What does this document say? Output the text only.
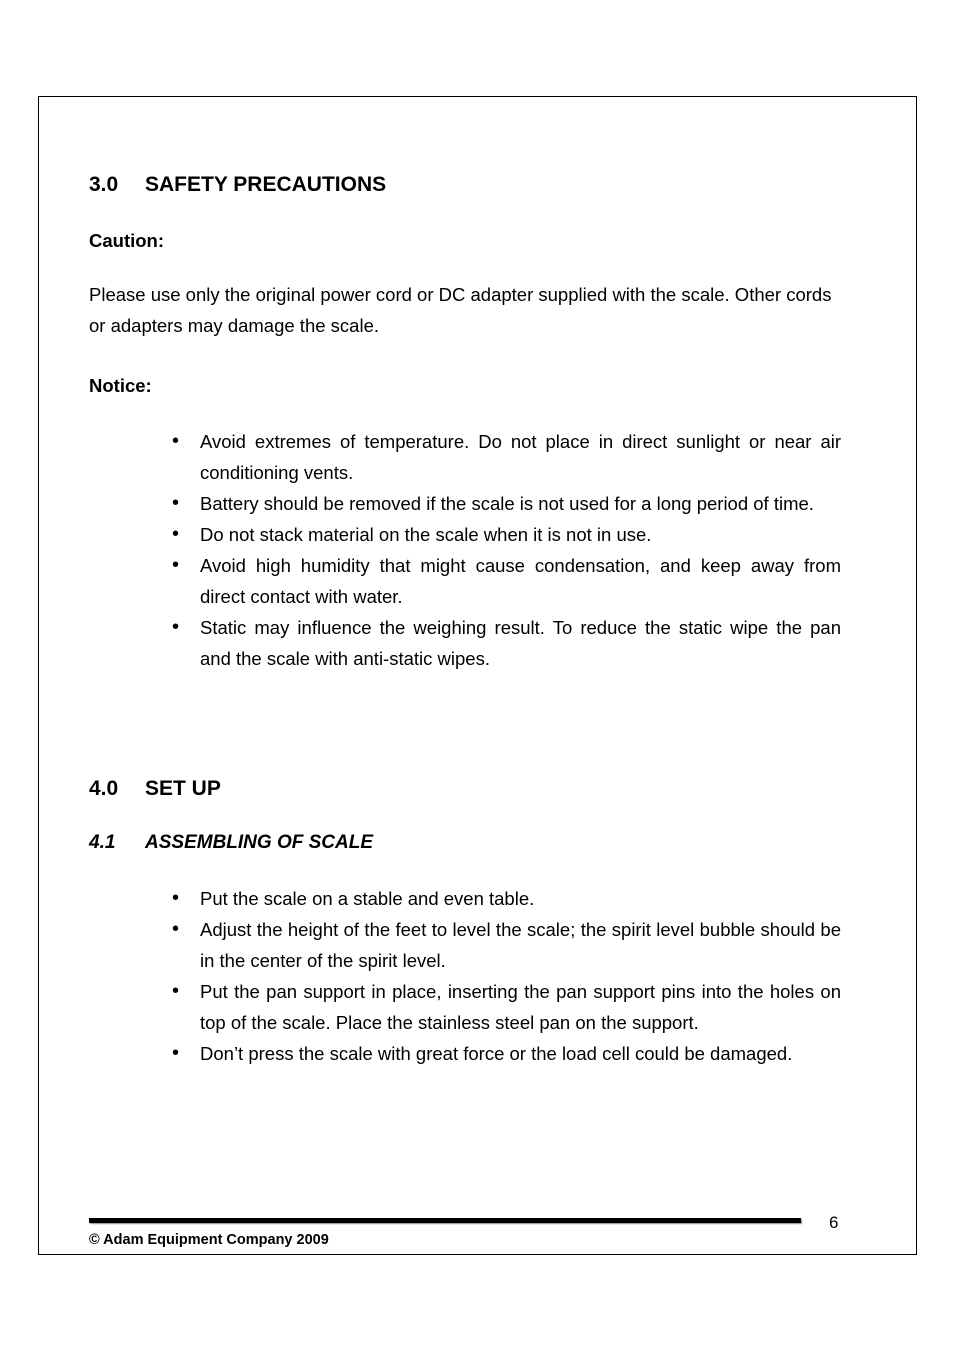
3.0 SAFETY PRECAUTIONS

Caution:

Please use only the original power cord or DC adapter supplied with the scale. Other cords or adapters may damage the scale.

Notice:

• Avoid extremes of temperature. Do not place in direct sunlight or near air conditioning vents.
• Battery should be removed if the scale is not used for a long period of time.
• Do not stack material on the scale when it is not in use.
• Avoid high humidity that might cause condensation, and keep away from direct contact with water.
• Static may influence the weighing result. To reduce the static wipe the pan and the scale with anti-static wipes.
4.0 SET UP
4.1 ASSEMBLING OF SCALE
• Put the scale on a stable and even table.
• Adjust the height of the feet to level the scale; the spirit level bubble should be in the center of the spirit level.
• Put the pan support in place, inserting the pan support pins into the holes on top of the scale. Place the stainless steel pan on the support.
• Don’t press the scale with great force or the load cell could be damaged.
6
© Adam Equipment Company 2009
